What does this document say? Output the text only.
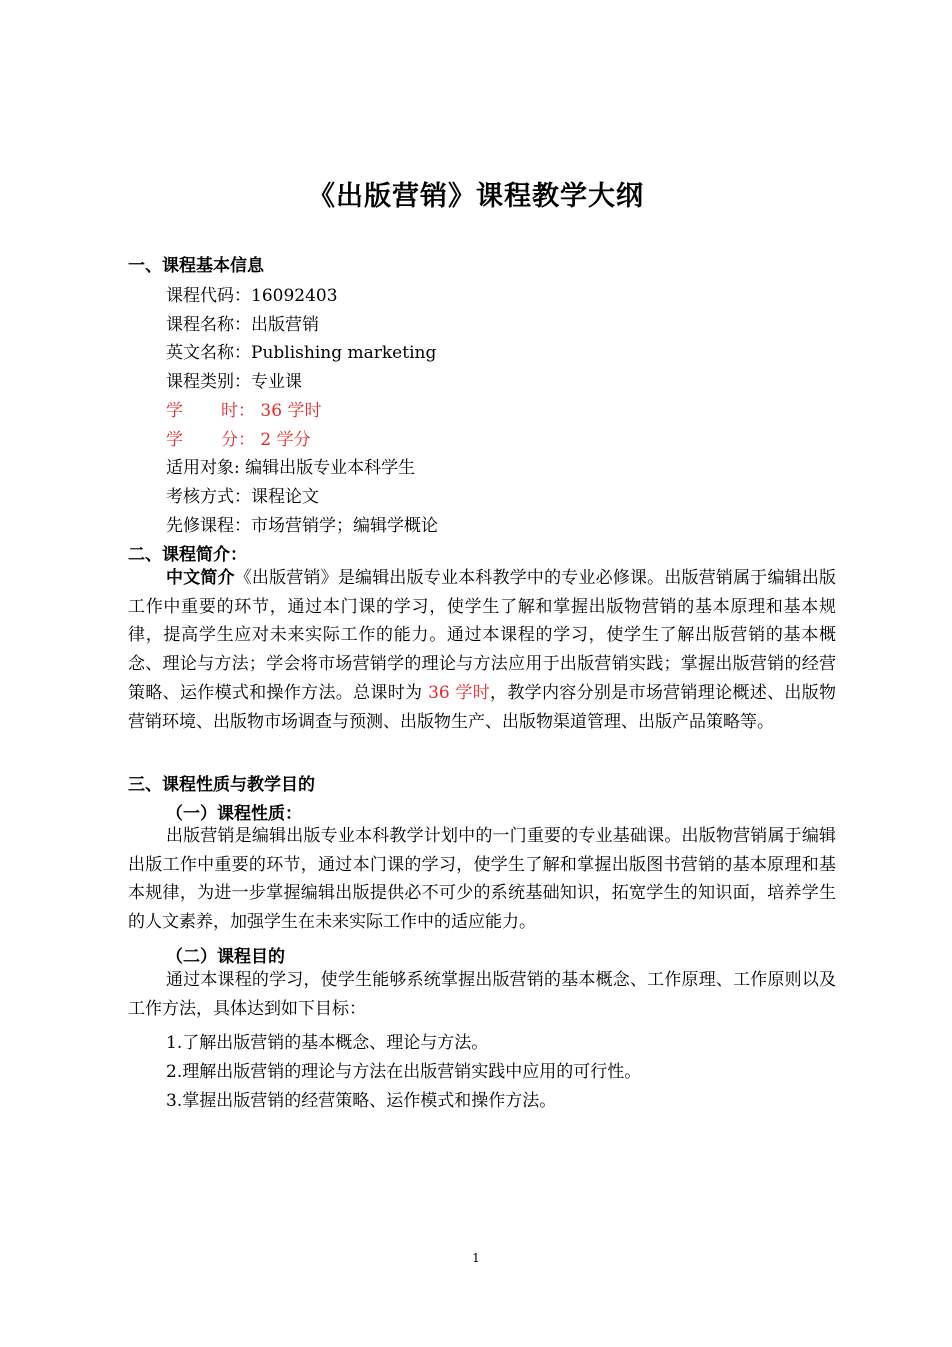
《出版营销》课程教学大纲
一、课程基本信息
课程代码：16092403
课程名称：出版营销
英文名称：Publishing marketing
课程类别：专业课
学 时： 36 学时
学 分： 2 学分
适用对象: 编辑出版专业本科学生
考核方式：课程论文
先修课程：市场营销学；编辑学概论
二、课程简介：

中文简介《出版营销》是编辑出版专业本科教学中的专业必修课。出版营销属于编辑出版工作中重要的环节，通过本门课的学习，使学生了解和掌握出版物营销的基本原理和基本规律，提高学生应对未来实际工作的能力。通过本课程的学习，使学生了解出版营销的基本概念、理论与方法；学会将市场营销学的理论与方法应用于出版营销实践；掌握出版营销的经营策略、运作模式和操作方法。总课时为 36 学时，教学内容分别是市场营销理论概述、出版物营销环境、出版物市场调查与预测、出版物生产、出版物渠道管理、出版产品策略等。

三、课程性质与教学目的
（一）课程性质：

出版营销是编辑出版专业本科教学计划中的一门重要的专业基础课。出版物营销属于编辑出版工作中重要的环节，通过本门课的学习，使学生了解和掌握出版图书营销的基本原理和基本规律，为进一步掌握编辑出版提供必不可少的系统基础知识，拓宽学生的知识面，培养学生的人文素养，加强学生在未来实际工作中的适应能力。

（二）课程目的

通过本课程的学习，使学生能够系统掌握出版营销的基本概念、工作原理、工作原则以及工作方法，具体达到如下目标：

1.了解出版营销的基本概念、理论与方法。
2.理解出版营销的理论与方法在出版营销实践中应用的可行性。
3.掌握出版营销的经营策略、运作模式和操作方法。
1
